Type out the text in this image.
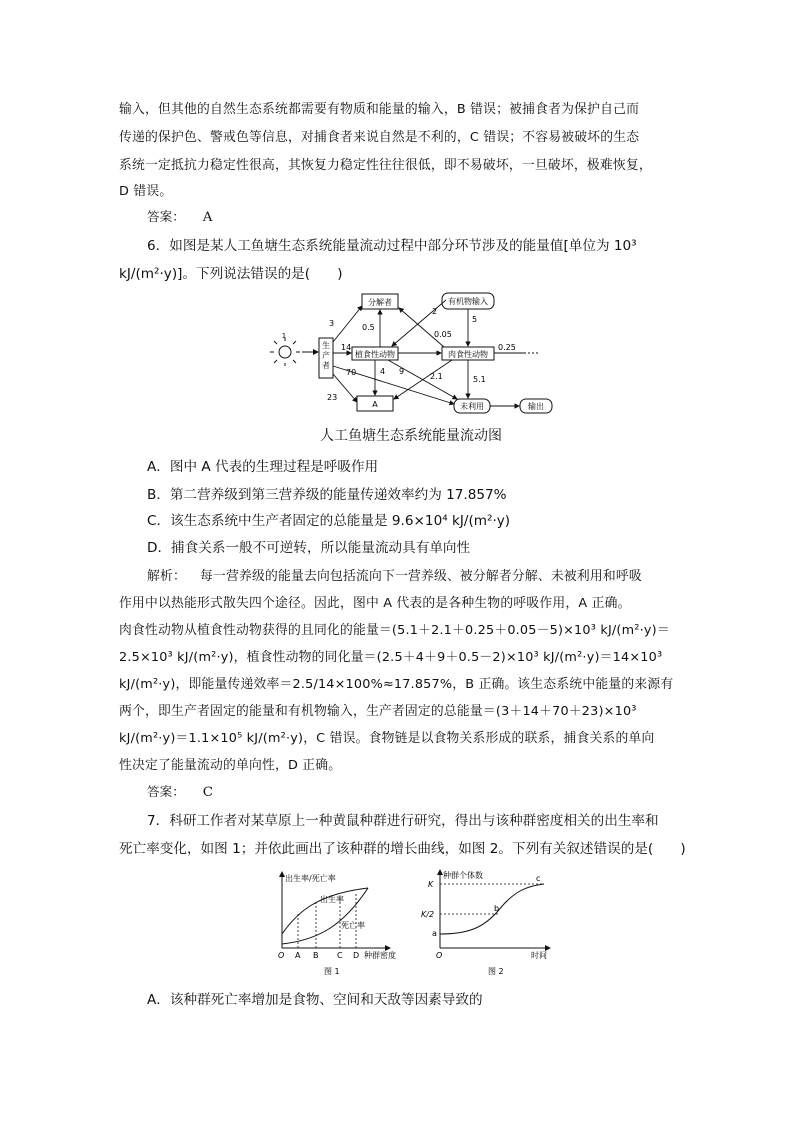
输入，但其他的自然生态系统都需要有物质和能量的输入，B 错误；被捕食者为保护自己而
传递的保护色、警戒色等信息，对捕食者来说自然是不利的，C 错误；不容易被破坏的生态
系统一定抵抗力稳定性很高，其恢复力稳定性往往很低，即不易破坏，一旦破坏，极难恢复，
D 错误。
答案： A
6．如图是某人工鱼塘生态系统能量流动过程中部分环节涉及的能量值[单位为 10³
kJ/(m²·y)]。下列说法错误的是(　　)
1
生产者
分解者	有机物输入
植食性动物	肉食性动物
A	未利用	输出
3
14
70
23
0.5
4 9
2.1
2
0.05
5
0.25
5.1
人工鱼塘生态系统能量流动图
A．图中 A 代表的生理过程是呼吸作用
B．第二营养级到第三营养级的能量传递效率约为 17.857%
C．该生态系统中生产者固定的总能量是 9.6×10⁴ kJ/(m²·y)
D．捕食关系一般不可逆转，所以能量流动具有单向性
解析： 每一营养级的能量去向包括流向下一营养级、被分解者分解、未被利用和呼吸
作用中以热能形式散失四个途径。因此，图中 A 代表的是各种生物的呼吸作用，A 正确。
肉食性动物从植食性动物获得的且同化的能量＝(5.1＋2.1＋0.25＋0.05－5)×10³ kJ/(m²·y)＝
2.5×10³ kJ/(m²·y)，植食性动物的同化量＝(2.5＋4＋9＋0.5－2)×10³ kJ/(m²·y)＝14×10³
kJ/(m²·y)，即能量传递效率＝2.5/14×100%≈17.857%，B 正确。该生态系统中能量的来源有
两个，即生产者固定的能量和有机物输入，生产者固定的总能量＝(3＋14＋70＋23)×10³
kJ/(m²·y)＝1.1×10⁵ kJ/(m²·y)，C 错误。食物链是以食物关系形成的联系，捕食关系的单向
性决定了能量流动的单向性，D 正确。
答案： C
7．科研工作者对某草原上一种黄鼠种群进行研究，得出与该种群密度相关的出生率和
死亡率变化，如图 1；并依此画出了该种群的增长曲线，如图 2。下列有关叙述错误的是(　　)
出生率/死亡率
出生率
死亡率
O A B C D 种群密度
图 1
种群个体数
K
K/2
a
b
c
O	时间
图 2
A．该种群死亡率增加是食物、空间和天敌等因素导致的
